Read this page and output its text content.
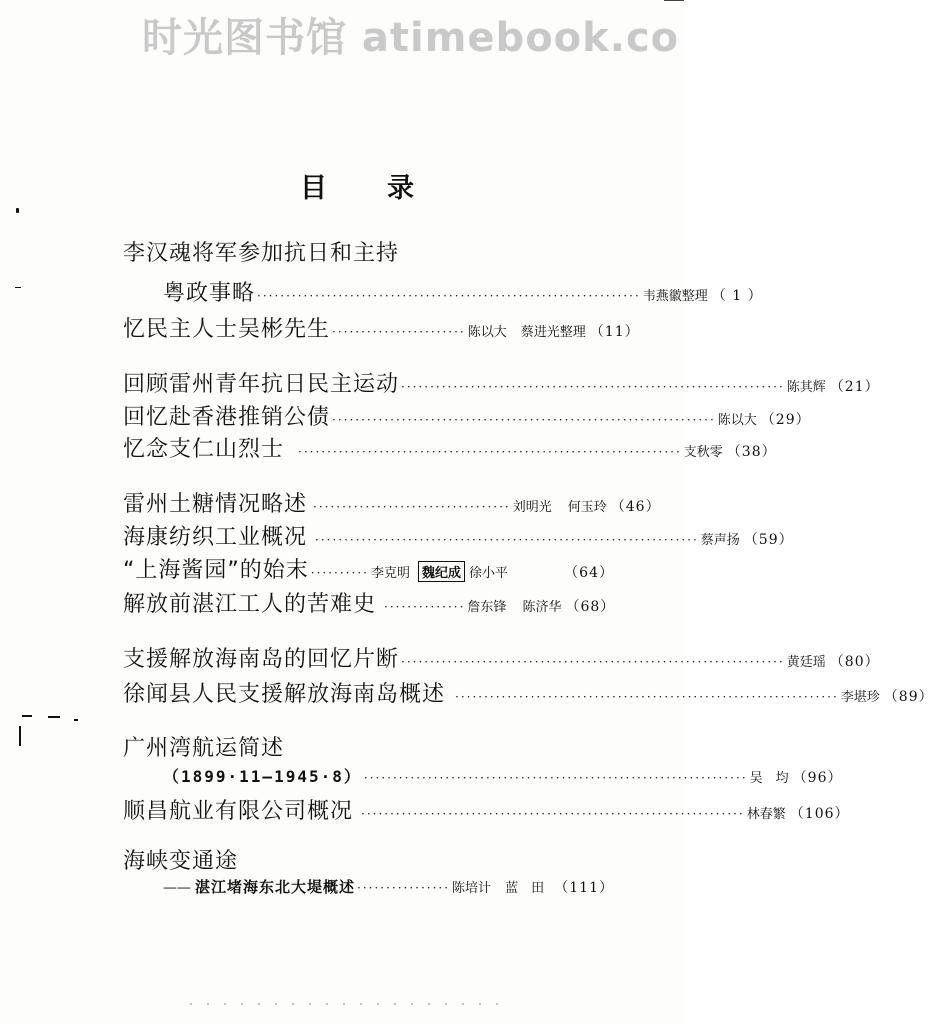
时光图书馆 atimebook.co
目录
李汉魂将军参加抗日和主持
粤政事略 ·································································· 韦燕徽整理 （ 1 ）
忆民主人士吴彬先生 ······················· 陈以大	蔡进光整理 （11）
回顾雷州青年抗日民主运动 ·································································· 陈其辉 （21）
回忆赴香港推销公债 ·································································· 陈以大 （29）
忆念支仁山烈士	·································································· 支秋零 （38）
雷州土糖情况略述 ·································· 刘明光	何玉玲 （46）
海康纺织工业概况 ·································································· 蔡声扬 （59）
“上海酱园”的始末 ·········· 李克明 魏纪成 徐小平	（64）
解放前湛江工人的苦难史 ·············· 詹东锋	陈济华 （68）
支援解放海南岛的回忆片断 ·································································· 黄廷瑶 （80）
徐闻县人民支援解放海南岛概述 ·································································· 李堪珍 （89）
广州湾航运简述
（1899·11—1945·8） ·································································· 吴　均 （96）
顺昌航业有限公司概况 ·································································· 林春繁 （106）
海峡变通途
—— 湛江堵海东北大堤概述 ················ 陈培计	蓝　田 （111）
